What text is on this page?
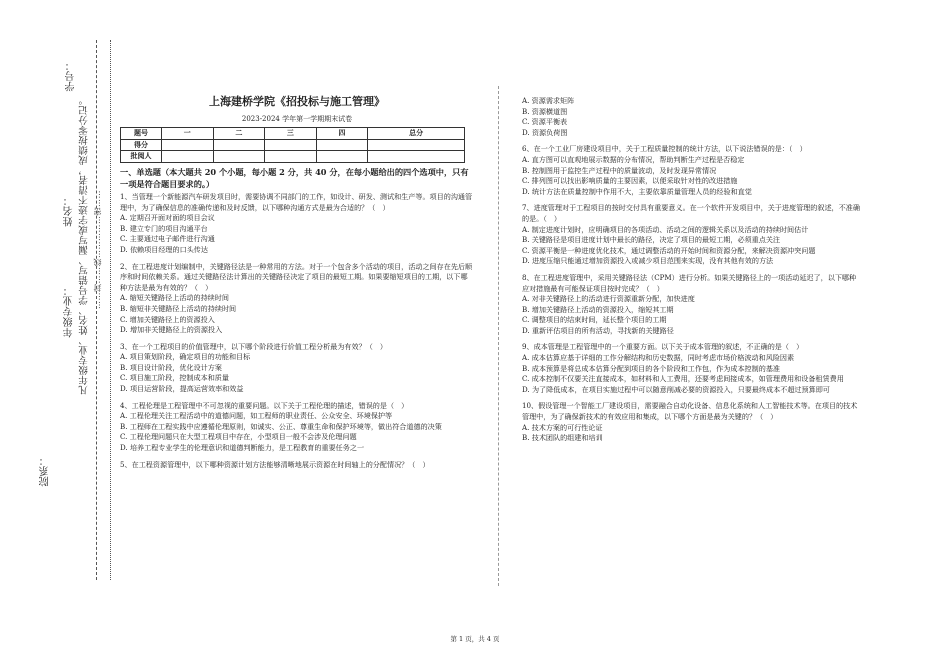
学号：
凡年级专业、姓名、学号错写、漏写或字迹不清者，成绩按零分记。
姓名：
年级专业：
……封……线……………密……
院系：
上海建桥学院《招投标与施工管理》
2023-2024 学年第一学期期末试卷
题号	一	二	三	四	总分
得分					
批阅人					
一、单选题（本大题共 20 个小题，每小题 2 分，共 40 分，在每小题给出的四个选项中，只有一项是符合题目要求的。）
1、当管理一个新能源汽车研发项目时，需要协调不同部门的工作，如设计、研发、测试和生产等。项目的沟通管理中，为了确保信息的准确传递和及时反馈，以下哪种沟通方式是最为合适的？（　）
A. 定期召开面对面的项目会议
B. 建立专门的项目沟通平台
C. 主要通过电子邮件进行沟通
D. 依赖项目经理的口头传达
2、在工程进度计划编制中，关键路径法是一种常用的方法。对于一个包含多个活动的项目，活动之间存在先后顺序和时间依赖关系。通过关键路径法计算出的关键路径决定了项目的最短工期。如果要缩短项目的工期，以下哪种方法是最为有效的？（　）
A. 缩短关键路径上活动的持续时间
B. 缩短非关键路径上活动的持续时间
C. 增加关键路径上的资源投入
D. 增加非关键路径上的资源投入
3、在一个工程项目的价值管理中，以下哪个阶段进行价值工程分析最为有效？（　）
A. 项目策划阶段，确定项目的功能和目标
B. 项目设计阶段，优化设计方案
C. 项目施工阶段，控制成本和质量
D. 项目运营阶段，提高运营效率和效益
4、工程伦理是工程管理中不可忽视的重要问题。以下关于工程伦理的描述，错误的是（　）
A. 工程伦理关注工程活动中的道德问题，如工程师的职业责任、公众安全、环境保护等
B. 工程师在工程实践中应遵循伦理原则，如诚实、公正、尊重生命和保护环境等，做出符合道德的决策
C. 工程伦理问题只在大型工程项目中存在，小型项目一般不会涉及伦理问题
D. 培养工程专业学生的伦理意识和道德判断能力，是工程教育的重要任务之一
5、在工程资源管理中，以下哪种资源计划方法能够清晰地展示资源在时间轴上的分配情况？（　）
A. 资源需求矩阵
B. 资源横道图
C. 资源平衡表
D. 资源负荷图
6、在一个工业厂房建设项目中，关于工程质量控制的统计方法，以下说法错误的是：（　）
A. 直方图可以直观地展示数据的分布情况，帮助判断生产过程是否稳定
B. 控制图用于监控生产过程中的质量波动，及时发现异常情况
C. 排列图可以找出影响质量的主要因素，以便采取针对性的改进措施
D. 统计方法在质量控制中作用不大，主要依靠质量管理人员的经验和直觉
7、进度管理对于工程项目的按时交付具有重要意义。在一个软件开发项目中，关于进度管理的叙述，不准确的是。（　）
A. 制定进度计划时，应明确项目的各项活动、活动之间的逻辑关系以及活动的持续时间估计
B. 关键路径是项目进度计划中最长的路径，决定了项目的最短工期，必须重点关注
C. 资源平衡是一种进度优化技术，通过调整活动的开始时间和资源分配，来解决资源冲突问题
D. 进度压缩只能通过增加资源投入或减少项目范围来实现，没有其他有效的方法
8、在工程进度管理中，采用关键路径法（CPM）进行分析。如果关键路径上的一项活动延迟了，以下哪种应对措施最有可能保证项目按时完成？（　）
A. 对非关键路径上的活动进行资源重新分配，加快进度
B. 增加关键路径上活动的资源投入，缩短其工期
C. 调整项目的结束时间，延长整个项目的工期
D. 重新评估项目的所有活动，寻找新的关键路径
9、成本管理是工程管理中的一个重要方面。以下关于成本管理的叙述，不正确的是（　）
A. 成本估算应基于详细的工作分解结构和历史数据，同时考虑市场价格波动和风险因素
B. 成本预算是将总成本估算分配到项目的各个阶段和工作包，作为成本控制的基准
C. 成本控制不仅要关注直接成本，如材料和人工费用，还要考虑间接成本，如管理费用和设备租赁费用
D. 为了降低成本，在项目实施过程中可以随意削减必要的资源投入，只要最终成本不超过预算即可
10、假设管理一个智能工厂建设项目，需要融合自动化设备、信息化系统和人工智能技术等。在项目的技术管理中，为了确保新技术的有效应用和集成，以下哪个方面是最为关键的？（　）
A. 技术方案的可行性论证
B. 技术团队的组建和培训
第 1 页，共 4 页
